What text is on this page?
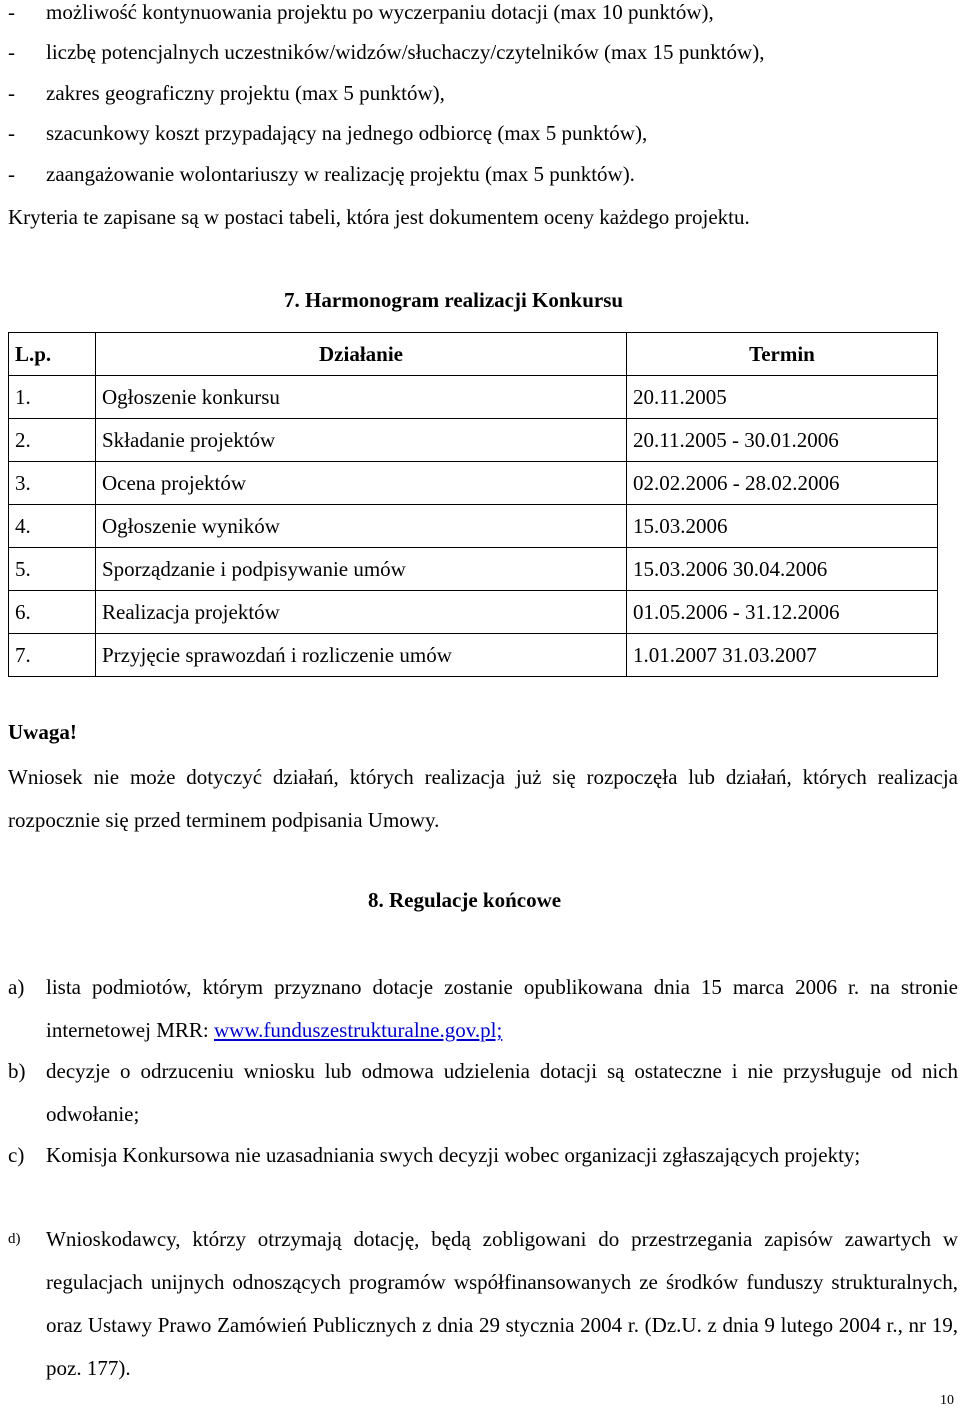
- możliwość kontynuowania projektu po wyczerpaniu dotacji (max 10 punktów),
- liczbę potencjalnych uczestników/widzów/słuchaczy/czytelników (max 15 punktów),
- zakres geograficzny projektu (max 5 punktów),
- szacunkowy koszt przypadający na jednego odbiorcę (max 5 punktów),
- zaangażowanie wolontariuszy w realizację projektu (max 5 punktów).
Kryteria te zapisane są w postaci tabeli, która jest dokumentem oceny każdego projektu.
7. Harmonogram realizacji Konkursu
L.p.	Działanie	Termin
1.	Ogłoszenie konkursu	20.11.2005
2.	Składanie projektów	20.11.2005 - 30.01.2006
3.	Ocena projektów	02.02.2006 - 28.02.2006
4.	Ogłoszenie wyników	15.03.2006
5.	Sporządzanie i podpisywanie umów	15.03.2006 30.04.2006
6.	Realizacja projektów	01.05.2006 - 31.12.2006
7.	Przyjęcie sprawozdań i rozliczenie umów	1.01.2007 31.03.2007
Uwaga!
Wniosek nie może dotyczyć działań, których realizacja już się rozpoczęła lub działań, których realizacja rozpocznie się przed terminem podpisania Umowy.
8. Regulacje końcowe
a) lista podmiotów, którym przyznano dotacje zostanie opublikowana dnia 15 marca 2006 r. na stronie internetowej MRR: www.funduszestrukturalne.gov.pl;
b) decyzje o odrzuceniu wniosku lub odmowa udzielenia dotacji są ostateczne i nie przysługuje od nich odwołanie;
c) Komisja Konkursowa nie uzasadniania swych decyzji wobec organizacji zgłaszających projekty;
d) Wnioskodawcy, którzy otrzymają dotację, będą zobligowani do przestrzegania zapisów zawartych w regulacjach unijnych odnoszących programów współfinansowanych ze środków funduszy strukturalnych, oraz Ustawy Prawo Zamówień Publicznych z dnia 29 stycznia 2004 r. (Dz.U. z dnia 9 lutego 2004 r., nr 19, poz. 177).
10
